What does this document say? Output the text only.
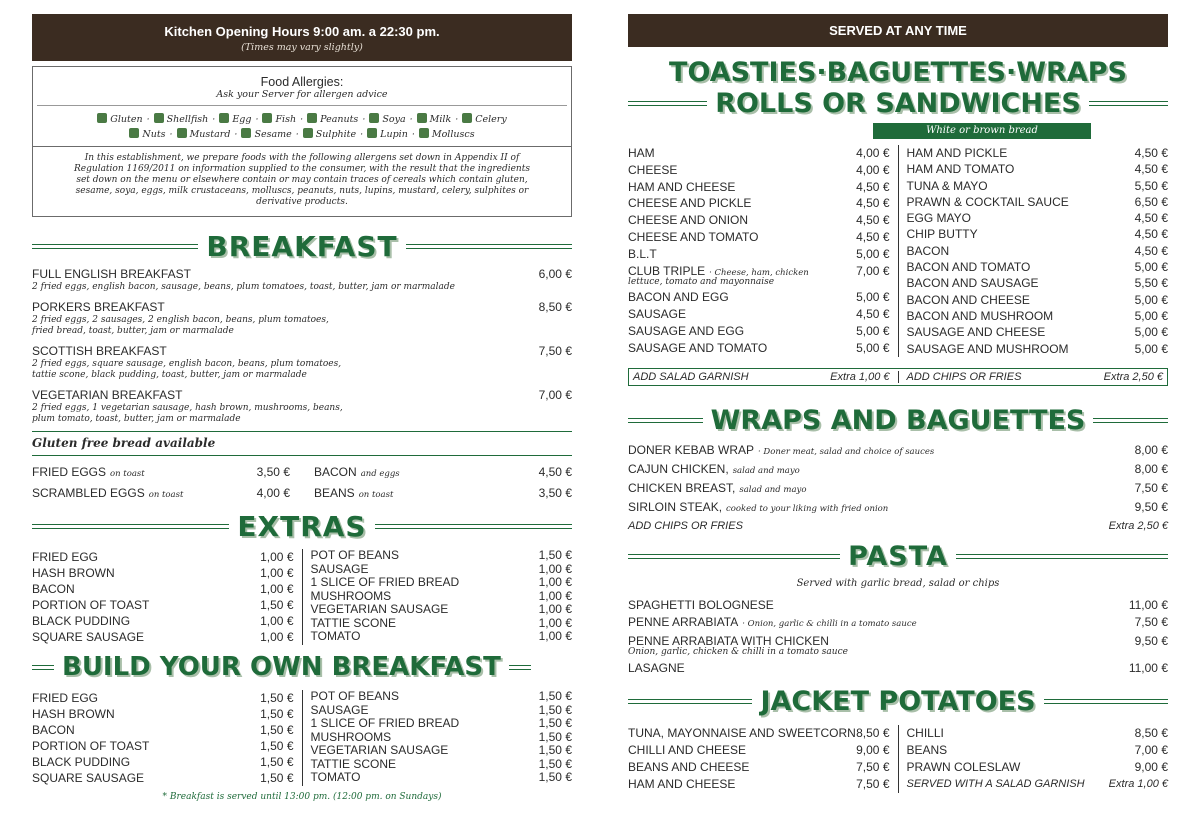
Kitchen Opening Hours 9:00 am. a 22:30 pm.
(Times may vary slightly)
Food Allergies:
Ask your Server for allergen advice
Gluten · Shellfish · Egg · Fish · Peanuts · Soya · Milk · Celery
Nuts · Mustard · Sesame · Sulphite · Lupin · Molluscs
In this establishment, we prepare foods with the following allergens set down in Appendix II of Regulation 1169/2011 on information supplied to the consumer, with the result that the ingredients set down on the menu or elsewhere contain or may contain traces of cereals which contain gluten, sesame, soya, eggs, milk crustaceans, molluscs, peanuts, nuts, lupins, mustard, celery, sulphites or derivative products.
BREAKFAST
FULL ENGLISH BREAKFAST	6,00 €
2 fried eggs, english bacon, sausage, beans, plum tomatoes, toast, butter, jam or marmalade
PORKERS BREAKFAST	8,50 €
2 fried eggs, 2 sausages, 2 english bacon, beans, plum tomatoes,
fried bread, toast, butter, jam or marmalade
SCOTTISH BREAKFAST	7,50 €
2 fried eggs, square sausage, english bacon, beans, plum tomatoes,
tattie scone, black pudding, toast, butter, jam or marmalade
VEGETARIAN BREAKFAST	7,00 €
2 fried eggs, 1 vegetarian sausage, hash brown, mushrooms, beans,
plum tomato, toast, butter, jam or marmalade
Gluten free bread available
FRIED EGGS on toast	3,50 €
SCRAMBLED EGGS on toast	4,00 €
BACON and eggs	4,50 €
BEANS on toast	3,50 €
EXTRAS
FRIED EGG	1,00 €
HASH BROWN	1,00 €
BACON	1,00 €
PORTION OF TOAST	1,50 €
BLACK PUDDING	1,00 €
SQUARE SAUSAGE	1,00 €
POT OF BEANS	1,50 €
SAUSAGE	1,00 €
1 SLICE OF FRIED BREAD	1,00 €
MUSHROOMS	1,00 €
VEGETARIAN SAUSAGE	1,00 €
TATTIE SCONE	1,00 €
TOMATO	1,00 €
BUILD YOUR OWN BREAKFAST
FRIED EGG	1,50 €
HASH BROWN	1,50 €
BACON	1,50 €
PORTION OF TOAST	1,50 €
BLACK PUDDING	1,50 €
SQUARE SAUSAGE	1,50 €
POT OF BEANS	1,50 €
SAUSAGE	1,50 €
1 SLICE OF FRIED BREAD	1,50 €
MUSHROOMS	1,50 €
VEGETARIAN SAUSAGE	1,50 €
TATTIE SCONE	1,50 €
TOMATO	1,50 €
* Breakfast is served until 13:00 pm. (12:00 pm. on Sundays)
SERVED AT ANY TIME
TOASTIES·BAGUETTES·WRAPS
ROLLS OR SANDWICHES
White or brown bread
HAM	4,00 €
CHEESE	4,00 €
HAM AND CHEESE	4,50 €
CHEESE AND PICKLE	4,50 €
CHEESE AND ONION	4,50 €
CHEESE AND TOMATO	4,50 €
B.L.T	5,00 €
CLUB TRIPLE · Cheese, ham, chicken	7,00 €
lettuce, tomato and mayonnaise
BACON AND EGG	5,00 €
SAUSAGE	4,50 €
SAUSAGE AND EGG	5,00 €
SAUSAGE AND TOMATO	5,00 €
HAM AND PICKLE	4,50 €
HAM AND TOMATO	4,50 €
TUNA & MAYO	5,50 €
PRAWN & COCKTAIL SAUCE	6,50 €
EGG MAYO	4,50 €
CHIP BUTTY	4,50 €
BACON	4,50 €
BACON AND TOMATO	5,00 €
BACON AND SAUSAGE	5,50 €
BACON AND CHEESE	5,00 €
BACON AND MUSHROOM	5,00 €
SAUSAGE AND CHEESE	5,00 €
SAUSAGE AND MUSHROOM	5,00 €
ADD SALAD GARNISH	Extra 1,00 € ADD CHIPS OR FRIES	Extra 2,50 €
WRAPS AND BAGUETTES
DONER KEBAB WRAP · Doner meat, salad and choice of sauces	8,00 €
CAJUN CHICKEN, salad and mayo	8,00 €
CHICKEN BREAST, salad and mayo	7,50 €
SIRLOIN STEAK, cooked to your liking with fried onion	9,50 €
ADD CHIPS OR FRIES	Extra 2,50 €
PASTA
Served with garlic bread, salad or chips
SPAGHETTI BOLOGNESE	11,00 €
PENNE ARRABIATA · Onion, garlic & chilli in a tomato sauce	7,50 €
PENNE ARRABIATA WITH CHICKEN	9,50 €
Onion, garlic, chicken & chilli in a tomato sauce
LASAGNE	11,00 €
JACKET POTATOES
TUNA, MAYONNAISE AND SWEETCORN 8,50 €
CHILLI AND CHEESE	9,00 €
BEANS AND CHEESE	7,50 €
HAM AND CHEESE	7,50 €
CHILLI	8,50 €
BEANS	7,00 €
PRAWN COLESLAW	9,00 €
SERVED WITH A SALAD GARNISH Extra 1,00 €
